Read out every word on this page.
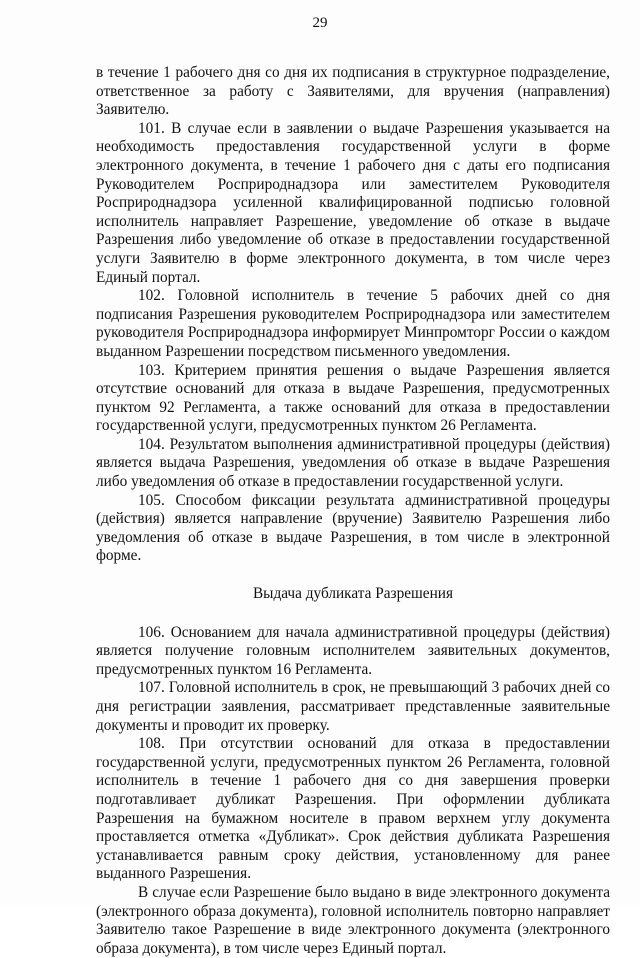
29

в течение 1 рабочего дня со дня их подписания в структурное подразделение, ответственное за работу с Заявителями, для вручения (направления) Заявителю.

101. В случае если в заявлении о выдаче Разрешения указывается на необходимость предоставления государственной услуги в форме электронного документа, в течение 1 рабочего дня с даты его подписания Руководителем Росприроднадзора или заместителем Руководителя Росприроднадзора усиленной квалифицированной подписью головной исполнитель направляет Разрешение, уведомление об отказе в выдаче Разрешения либо уведомление об отказе в предоставлении государственной услуги Заявителю в форме электронного документа, в том числе через Единый портал.

102. Головной исполнитель в течение 5 рабочих дней со дня подписания Разрешения руководителем Росприроднадзора или заместителем руководителя Росприроднадзора информирует Минпромторг России о каждом выданном Разрешении посредством письменного уведомления.

103. Критерием принятия решения о выдаче Разрешения является отсутствие оснований для отказа в выдаче Разрешения, предусмотренных пунктом 92 Регламента, а также оснований для отказа в предоставлении государственной услуги, предусмотренных пунктом 26 Регламента.

104. Результатом выполнения административной процедуры (действия) является выдача Разрешения, уведомления об отказе в выдаче Разрешения либо уведомления об отказе в предоставлении государственной услуги.

105. Способом фиксации результата административной процедуры (действия) является направление (вручение) Заявителю Разрешения либо уведомления об отказе в выдаче Разрешения, в том числе в электронной форме.

Выдача дубликата Разрешения

106. Основанием для начала административной процедуры (действия) является получение головным исполнителем заявительных документов, предусмотренных пунктом 16 Регламента.

107. Головной исполнитель в срок, не превышающий 3 рабочих дней со дня регистрации заявления, рассматривает представленные заявительные документы и проводит их проверку.

108. При отсутствии оснований для отказа в предоставлении государственной услуги, предусмотренных пунктом 26 Регламента, головной исполнитель в течение 1 рабочего дня со дня завершения проверки подготавливает дубликат Разрешения. При оформлении дубликата Разрешения на бумажном носителе в правом верхнем углу документа проставляется отметка «Дубликат». Срок действия дубликата Разрешения устанавливается равным сроку действия, установленному для ранее выданного Разрешения.

В случае если Разрешение было выдано в виде электронного документа (электронного образа документа), головной исполнитель повторно направляет Заявителю такое Разрешение в виде электронного документа (электронного образа документа), в том числе через Единый портал.
